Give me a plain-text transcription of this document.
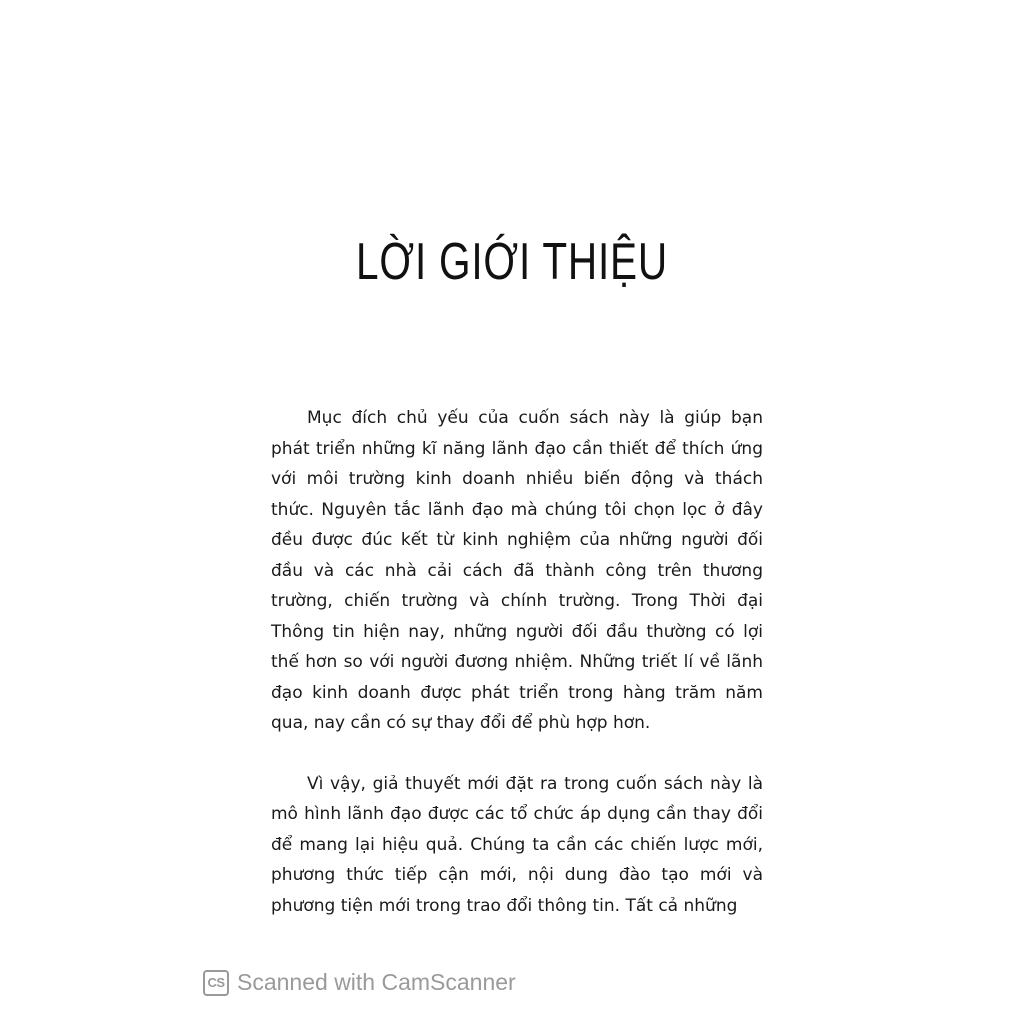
LỜI GIỚI THIỆU

Mục đích chủ yếu của cuốn sách này là giúp bạn phát triển những kĩ năng lãnh đạo cần thiết để thích ứng với môi trường kinh doanh nhiều biến động và thách thức. Nguyên tắc lãnh đạo mà chúng tôi chọn lọc ở đây đều được đúc kết từ kinh nghiệm của những người đối đầu và các nhà cải cách đã thành công trên thương trường, chiến trường và chính trường. Trong Thời đại Thông tin hiện nay, những người đối đầu thường có lợi thế hơn so với người đương nhiệm. Những triết lí về lãnh đạo kinh doanh được phát triển trong hàng trăm năm qua, nay cần có sự thay đổi để phù hợp hơn.

Vì vậy, giả thuyết mới đặt ra trong cuốn sách này là mô hình lãnh đạo được các tổ chức áp dụng cần thay đổi để mang lại hiệu quả. Chúng ta cần các chiến lược mới, phương thức tiếp cận mới, nội dung đào tạo mới và phương tiện mới trong trao đổi thông tin. Tất cả những

CS Scanned with CamScanner
